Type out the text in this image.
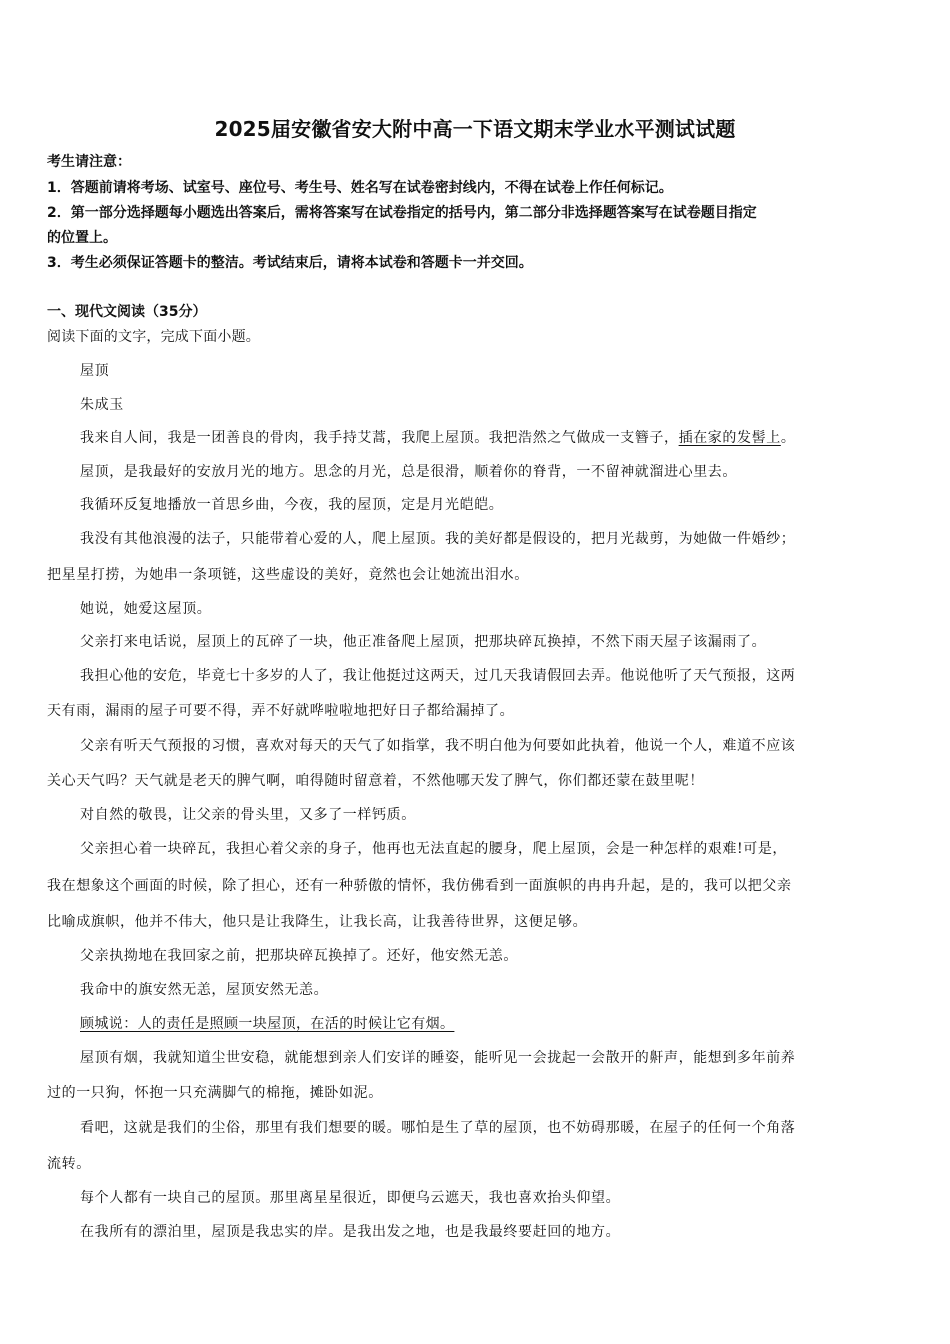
2025届安徽省安大附中高一下语文期末学业水平测试试题
考生请注意：
1．答题前请将考场、试室号、座位号、考生号、姓名写在试卷密封线内，不得在试卷上作任何标记。
2．第一部分选择题每小题选出答案后，需将答案写在试卷指定的括号内，第二部分非选择题答案写在试卷题目指定
的位置上。
3．考生必须保证答题卡的整洁。考试结束后，请将本试卷和答题卡一并交回。
一、现代文阅读（35分）
阅读下面的文字，完成下面小题。
屋顶
朱成玉
我来自人间，我是一团善良的骨肉，我手持艾蒿，我爬上屋顶。我把浩然之气做成一支簪子，插在家的发髻上。
屋顶，是我最好的安放月光的地方。思念的月光，总是很滑，顺着你的脊背，一不留神就溜进心里去。
我循环反复地播放一首思乡曲，今夜，我的屋顶，定是月光皑皑。
我没有其他浪漫的法子，只能带着心爱的人，爬上屋顶。我的美好都是假设的，把月光裁剪，为她做一件婚纱；
把星星打捞，为她串一条项链，这些虚设的美好，竟然也会让她流出泪水。
她说，她爱这屋顶。
父亲打来电话说，屋顶上的瓦碎了一块，他正准备爬上屋顶，把那块碎瓦换掉，不然下雨天屋子该漏雨了。
我担心他的安危，毕竟七十多岁的人了，我让他挺过这两天，过几天我请假回去弄。他说他听了天气预报，这两
天有雨，漏雨的屋子可要不得，弄不好就哗啦啦地把好日子都给漏掉了。
父亲有听天气预报的习惯，喜欢对每天的天气了如指掌，我不明白他为何要如此执着，他说一个人，难道不应该
关心天气吗？天气就是老天的脾气啊，咱得随时留意着，不然他哪天发了脾气，你们都还蒙在鼓里呢！
对自然的敬畏，让父亲的骨头里，又多了一样钙质。
父亲担心着一块碎瓦，我担心着父亲的身子，他再也无法直起的腰身，爬上屋顶，会是一种怎样的艰难!可是，
我在想象这个画面的时候，除了担心，还有一种骄傲的情怀，我仿佛看到一面旗帜的冉冉升起，是的，我可以把父亲
比喻成旗帜，他并不伟大，他只是让我降生，让我长高，让我善待世界，这便足够。
父亲执拗地在我回家之前，把那块碎瓦换掉了。还好，他安然无恙。
我命中的旗安然无恙，屋顶安然无恙。
顾城说：人的责任是照顾一块屋顶，在活的时候让它有烟。
屋顶有烟，我就知道尘世安稳，就能想到亲人们安详的睡姿，能听见一会拢起一会散开的鼾声，能想到多年前养
过的一只狗，怀抱一只充满脚气的棉拖，摊卧如泥。
看吧，这就是我们的尘俗，那里有我们想要的暖。哪怕是生了草的屋顶，也不妨碍那暖，在屋子的任何一个角落
流转。
每个人都有一块自己的屋顶。那里离星星很近，即便乌云遮天，我也喜欢抬头仰望。
在我所有的漂泊里，屋顶是我忠实的岸。是我出发之地，也是我最终要赶回的地方。
